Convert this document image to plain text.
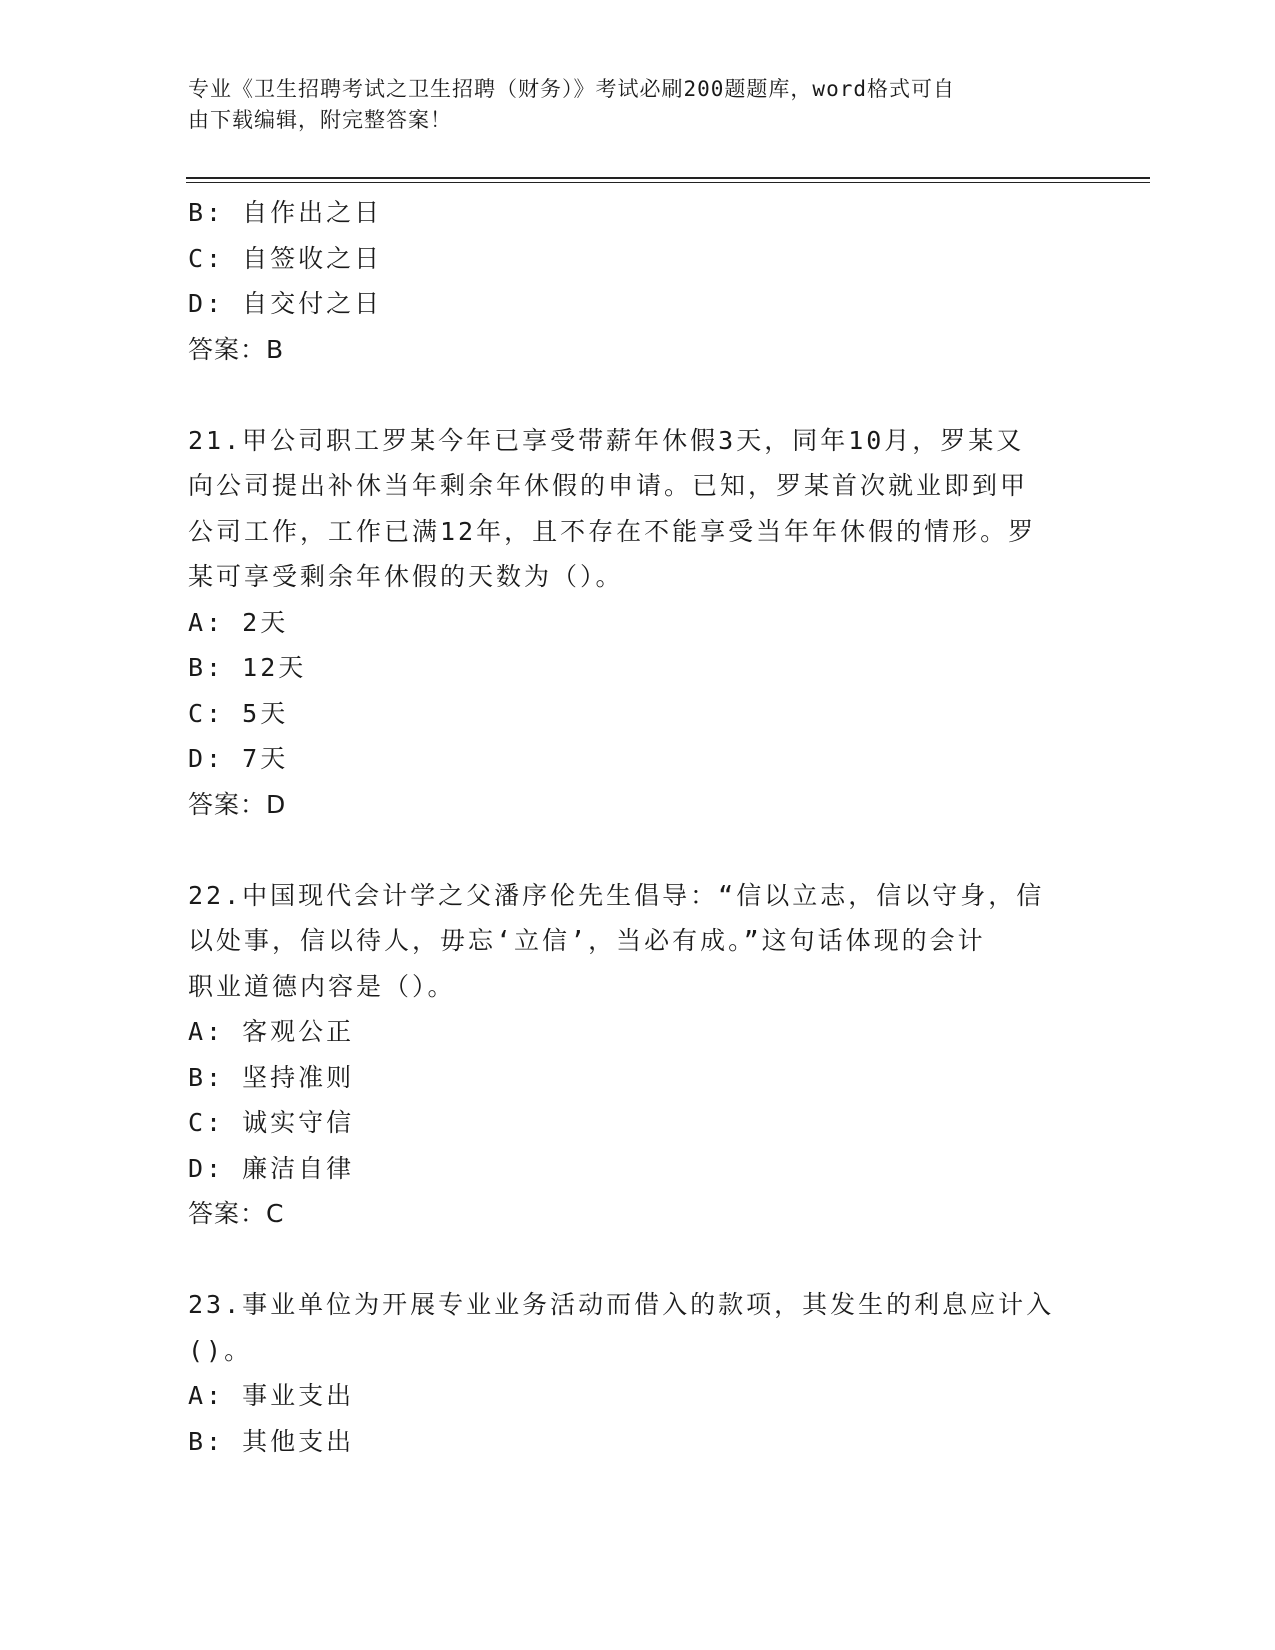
专业《卫生招聘考试之卫生招聘（财务）》考试必刷200题题库，word格式可自
由下载编辑，附完整答案！
B: 自作出之日
C: 自签收之日
D: 自交付之日
答案：B
21.甲公司职工罗某今年已享受带薪年休假3天，同年10月，罗某又
向公司提出补休当年剩余年休假的申请。已知，罗某首次就业即到甲
公司工作，工作已满12年，且不存在不能享受当年年休假的情形。罗
某可享受剩余年休假的天数为（）。
A: 2天
B: 12天
C: 5天
D: 7天
答案：D
22.中国现代会计学之父潘序伦先生倡导：“信以立志，信以守身，信
以处事，信以待人，毋忘‘立信’，当必有成。”这句话体现的会计
职业道德内容是（）。
A: 客观公正
B: 坚持准则
C: 诚实守信
D: 廉洁自律
答案：C
23.事业单位为开展专业业务活动而借入的款项，其发生的利息应计入
()。
A: 事业支出
B: 其他支出
